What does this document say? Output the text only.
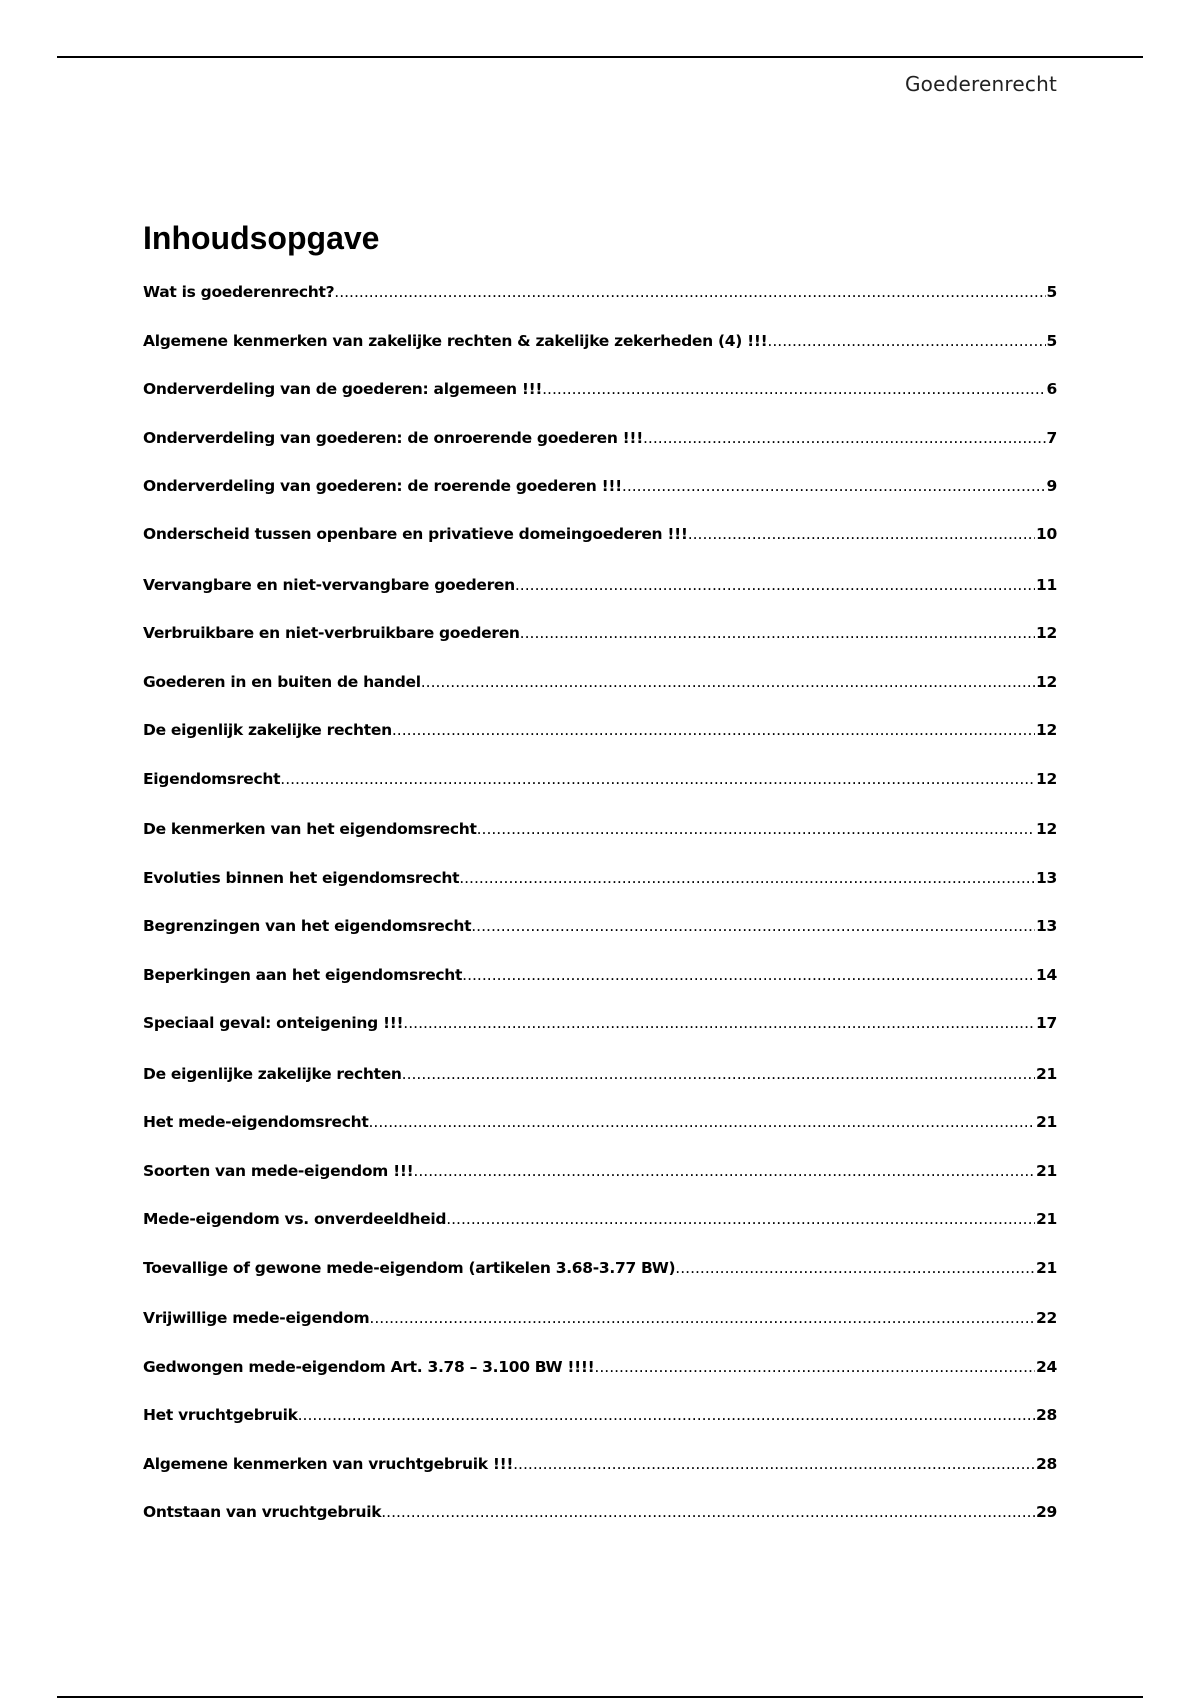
Goederenrecht
Inhoudsopgave
Wat is goederenrecht? .....	5
Algemene kenmerken van zakelijke rechten & zakelijke zekerheden (4) !!! .....	5
Onderverdeling van de goederen: algemeen !!! .....	6
Onderverdeling van goederen: de onroerende goederen !!! .....	7
Onderverdeling van goederen: de roerende goederen !!! .....	9
Onderscheid tussen openbare en privatieve domeingoederen !!! .....	10
Vervangbare en niet-vervangbare goederen .....	11
Verbruikbare en niet-verbruikbare goederen .....	12
Goederen in en buiten de handel .....	12
De eigenlijk zakelijke rechten .....	12
Eigendomsrecht .....	12
De kenmerken van het eigendomsrecht .....	12
Evoluties binnen het eigendomsrecht .....	13
Begrenzingen van het eigendomsrecht .....	13
Beperkingen aan het eigendomsrecht .....	14
Speciaal geval: onteigening !!! .....	17
De eigenlijke zakelijke rechten .....	21
Het mede-eigendomsrecht .....	21
Soorten van mede-eigendom !!! .....	21
Mede-eigendom vs. onverdeeldheid .....	21
Toevallige of gewone mede-eigendom (artikelen 3.68-3.77 BW) .....	21
Vrijwillige mede-eigendom .....	22
Gedwongen mede-eigendom Art. 3.78 – 3.100 BW !!!! .....	24
Het vruchtgebruik .....	28
Algemene kenmerken van vruchtgebruik !!! .....	28
Ontstaan van vruchtgebruik .....	29
